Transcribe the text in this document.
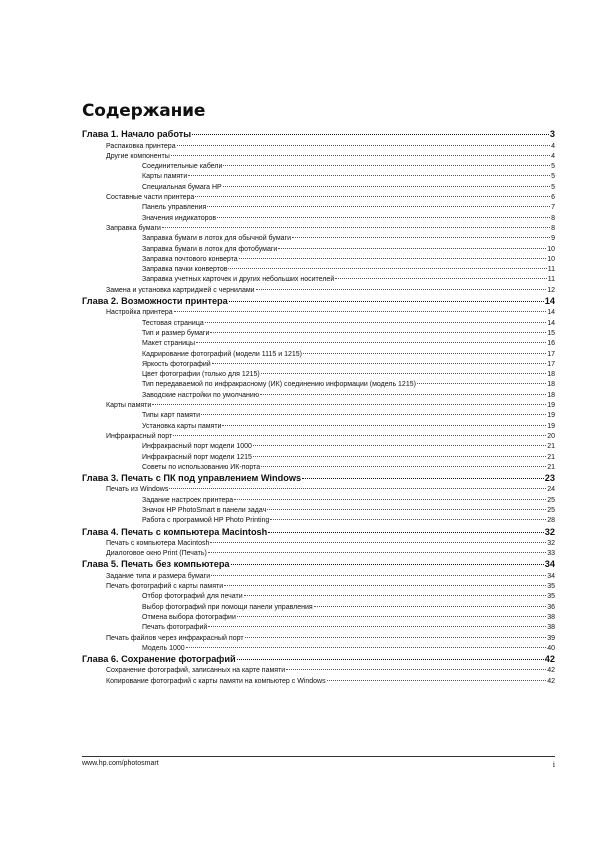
Содержание
Глава 1. Начало работы	3
Распаковка принтера	4
Другие компоненты	4
Соединительные кабели	5
Карты памяти	5
Специальная бумага HP	5
Составные части принтера	6
Панель управления	7
Значения индикаторов	8
Заправка бумаги	8
Заправка бумаги в лоток для обычной бумаги	9
Заправка бумаги в лоток для фотобумаги	10
Заправка почтового конверта	10
Заправка пачки конвертов	11
Заправка учетных карточек и других небольших носителей	11
Замена и установка картриджей с чернилами	12
Глава 2. Возможности принтера	14
Настройка принтера	14
Тестовая страница	14
Тип и размер бумаги	15
Макет страницы	16
Кадрирование фотографий (модели 1115 и 1215)	17
Яркость фотографий	17
Цвет фотографии (только для 1215)	18
Тип передаваемой по инфракрасному (ИК) соединению информации (модель 1215)	18
Заводские настройки по умолчанию	18
Карты памяти	19
Типы карт памяти	19
Установка карты памяти	19
Инфракрасный порт	20
Инфракрасный порт модели 1000	21
Инфракрасный порт модели 1215	21
Советы по использованию ИК-порта	21
Глава 3. Печать с ПК под управлением Windows	23
Печать из Windows	24
Задание настроек принтера	25
Значок HP PhotoSmart в панели задач	25
Работа с программой HP Photo Printing	28
Глава 4. Печать с компьютера Macintosh	32
Печать с компьютера Macintosh	32
Диалоговое окно Print (Печать)	33
Глава 5. Печать без компьютера	34
Задание типа и размера бумаги	34
Печать фотографий с карты памяти	35
Отбор фотографий для печати	35
Выбор фотографий при помощи панели управления	36
Отмена выбора фотографии	38
Печать фотографий	38
Печать файлов через инфракрасный порт	39
Модель 1000	40
Глава 6. Сохранение фотографий	42
Сохранение фотографий, записанных на карте памяти	42
Копирование фотографий с карты памяти на компьютер с Windows	42
www.hp.com/photosmart	i
